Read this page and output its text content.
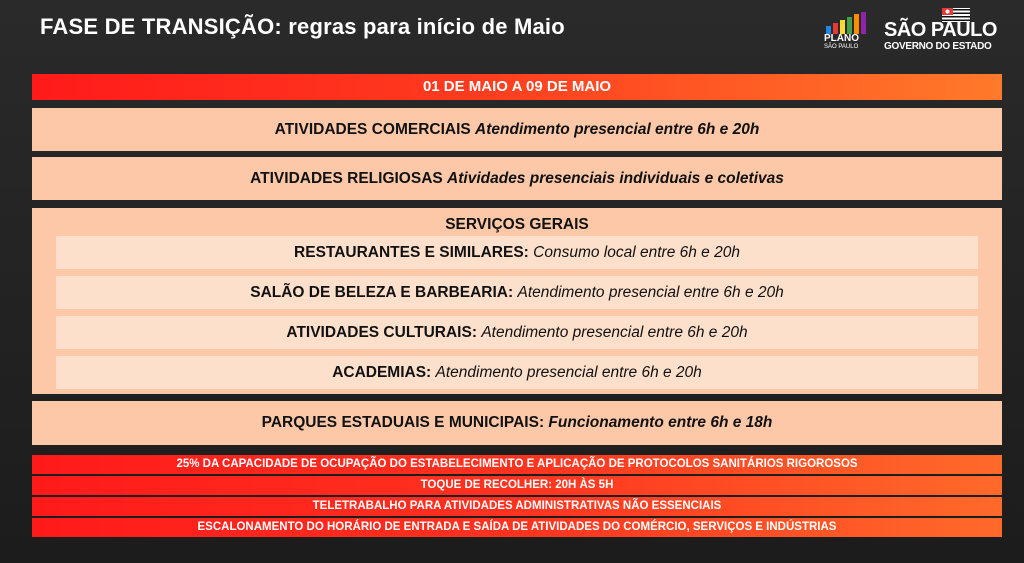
FASE DE TRANSIÇÃO: regras para início de Maio	PLANO
SÃO PAULO
SÃO PAULO
GOVERNO DO ESTADO
01 DE MAIO A 09 DE MAIO
ATIVIDADES COMERCIAIS Atendimento presencial entre 6h e 20h
ATIVIDADES RELIGIOSAS Atividades presenciais individuais e coletivas
SERVIÇOS GERAIS
RESTAURANTES E SIMILARES: Consumo local entre 6h e 20h
SALÃO DE BELEZA E BARBEARIA: Atendimento presencial entre 6h e 20h
ATIVIDADES CULTURAIS: Atendimento presencial entre 6h e 20h
ACADEMIAS: Atendimento presencial entre 6h e 20h
PARQUES ESTADUAIS E MUNICIPAIS: Funcionamento entre 6h e 18h
25% DA CAPACIDADE DE OCUPAÇÃO DO ESTABELECIMENTO E APLICAÇÃO DE PROTOCOLOS SANITÁRIOS RIGOROSOS
TOQUE DE RECOLHER: 20H ÀS 5H
TELETRABALHO PARA ATIVIDADES ADMINISTRATIVAS NÃO ESSENCIAIS
ESCALONAMENTO DO HORÁRIO DE ENTRADA E SAÍDA DE ATIVIDADES DO COMÉRCIO, SERVIÇOS E INDÚSTRIAS
